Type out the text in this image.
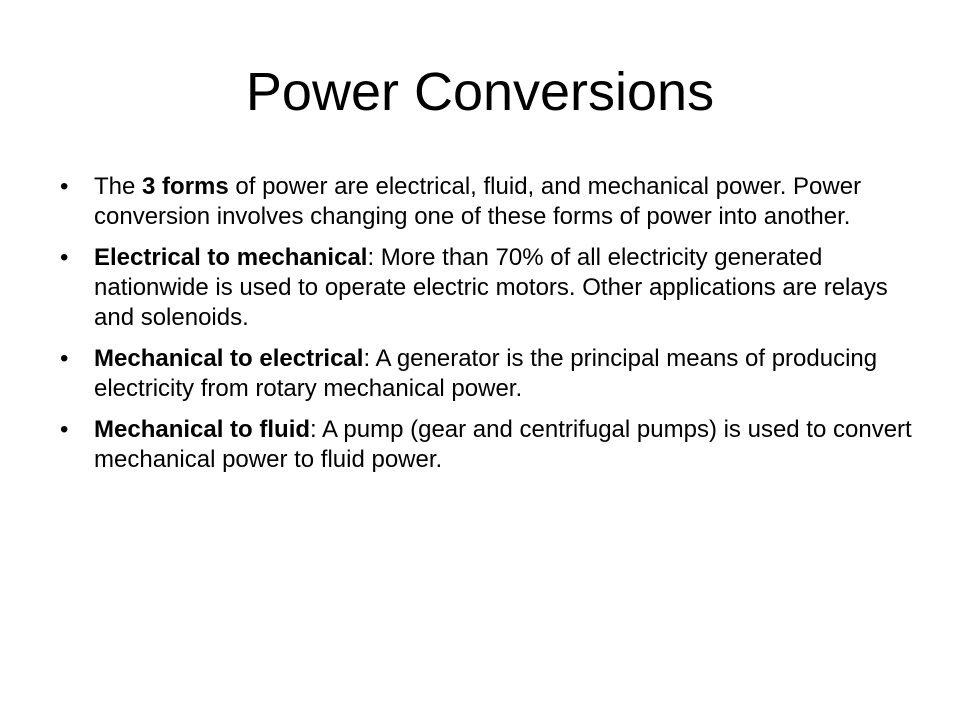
Power Conversions
• The 3 forms of power are electrical, fluid, and mechanical power. Power conversion involves changing one of these forms of power into another.
• Electrical to mechanical: More than 70% of all electricity generated nationwide is used to operate electric motors. Other applications are relays and solenoids.
• Mechanical to electrical: A generator is the principal means of producing electricity from rotary mechanical power.
• Mechanical to fluid: A pump (gear and centrifugal pumps) is used to convert mechanical power to fluid power.
